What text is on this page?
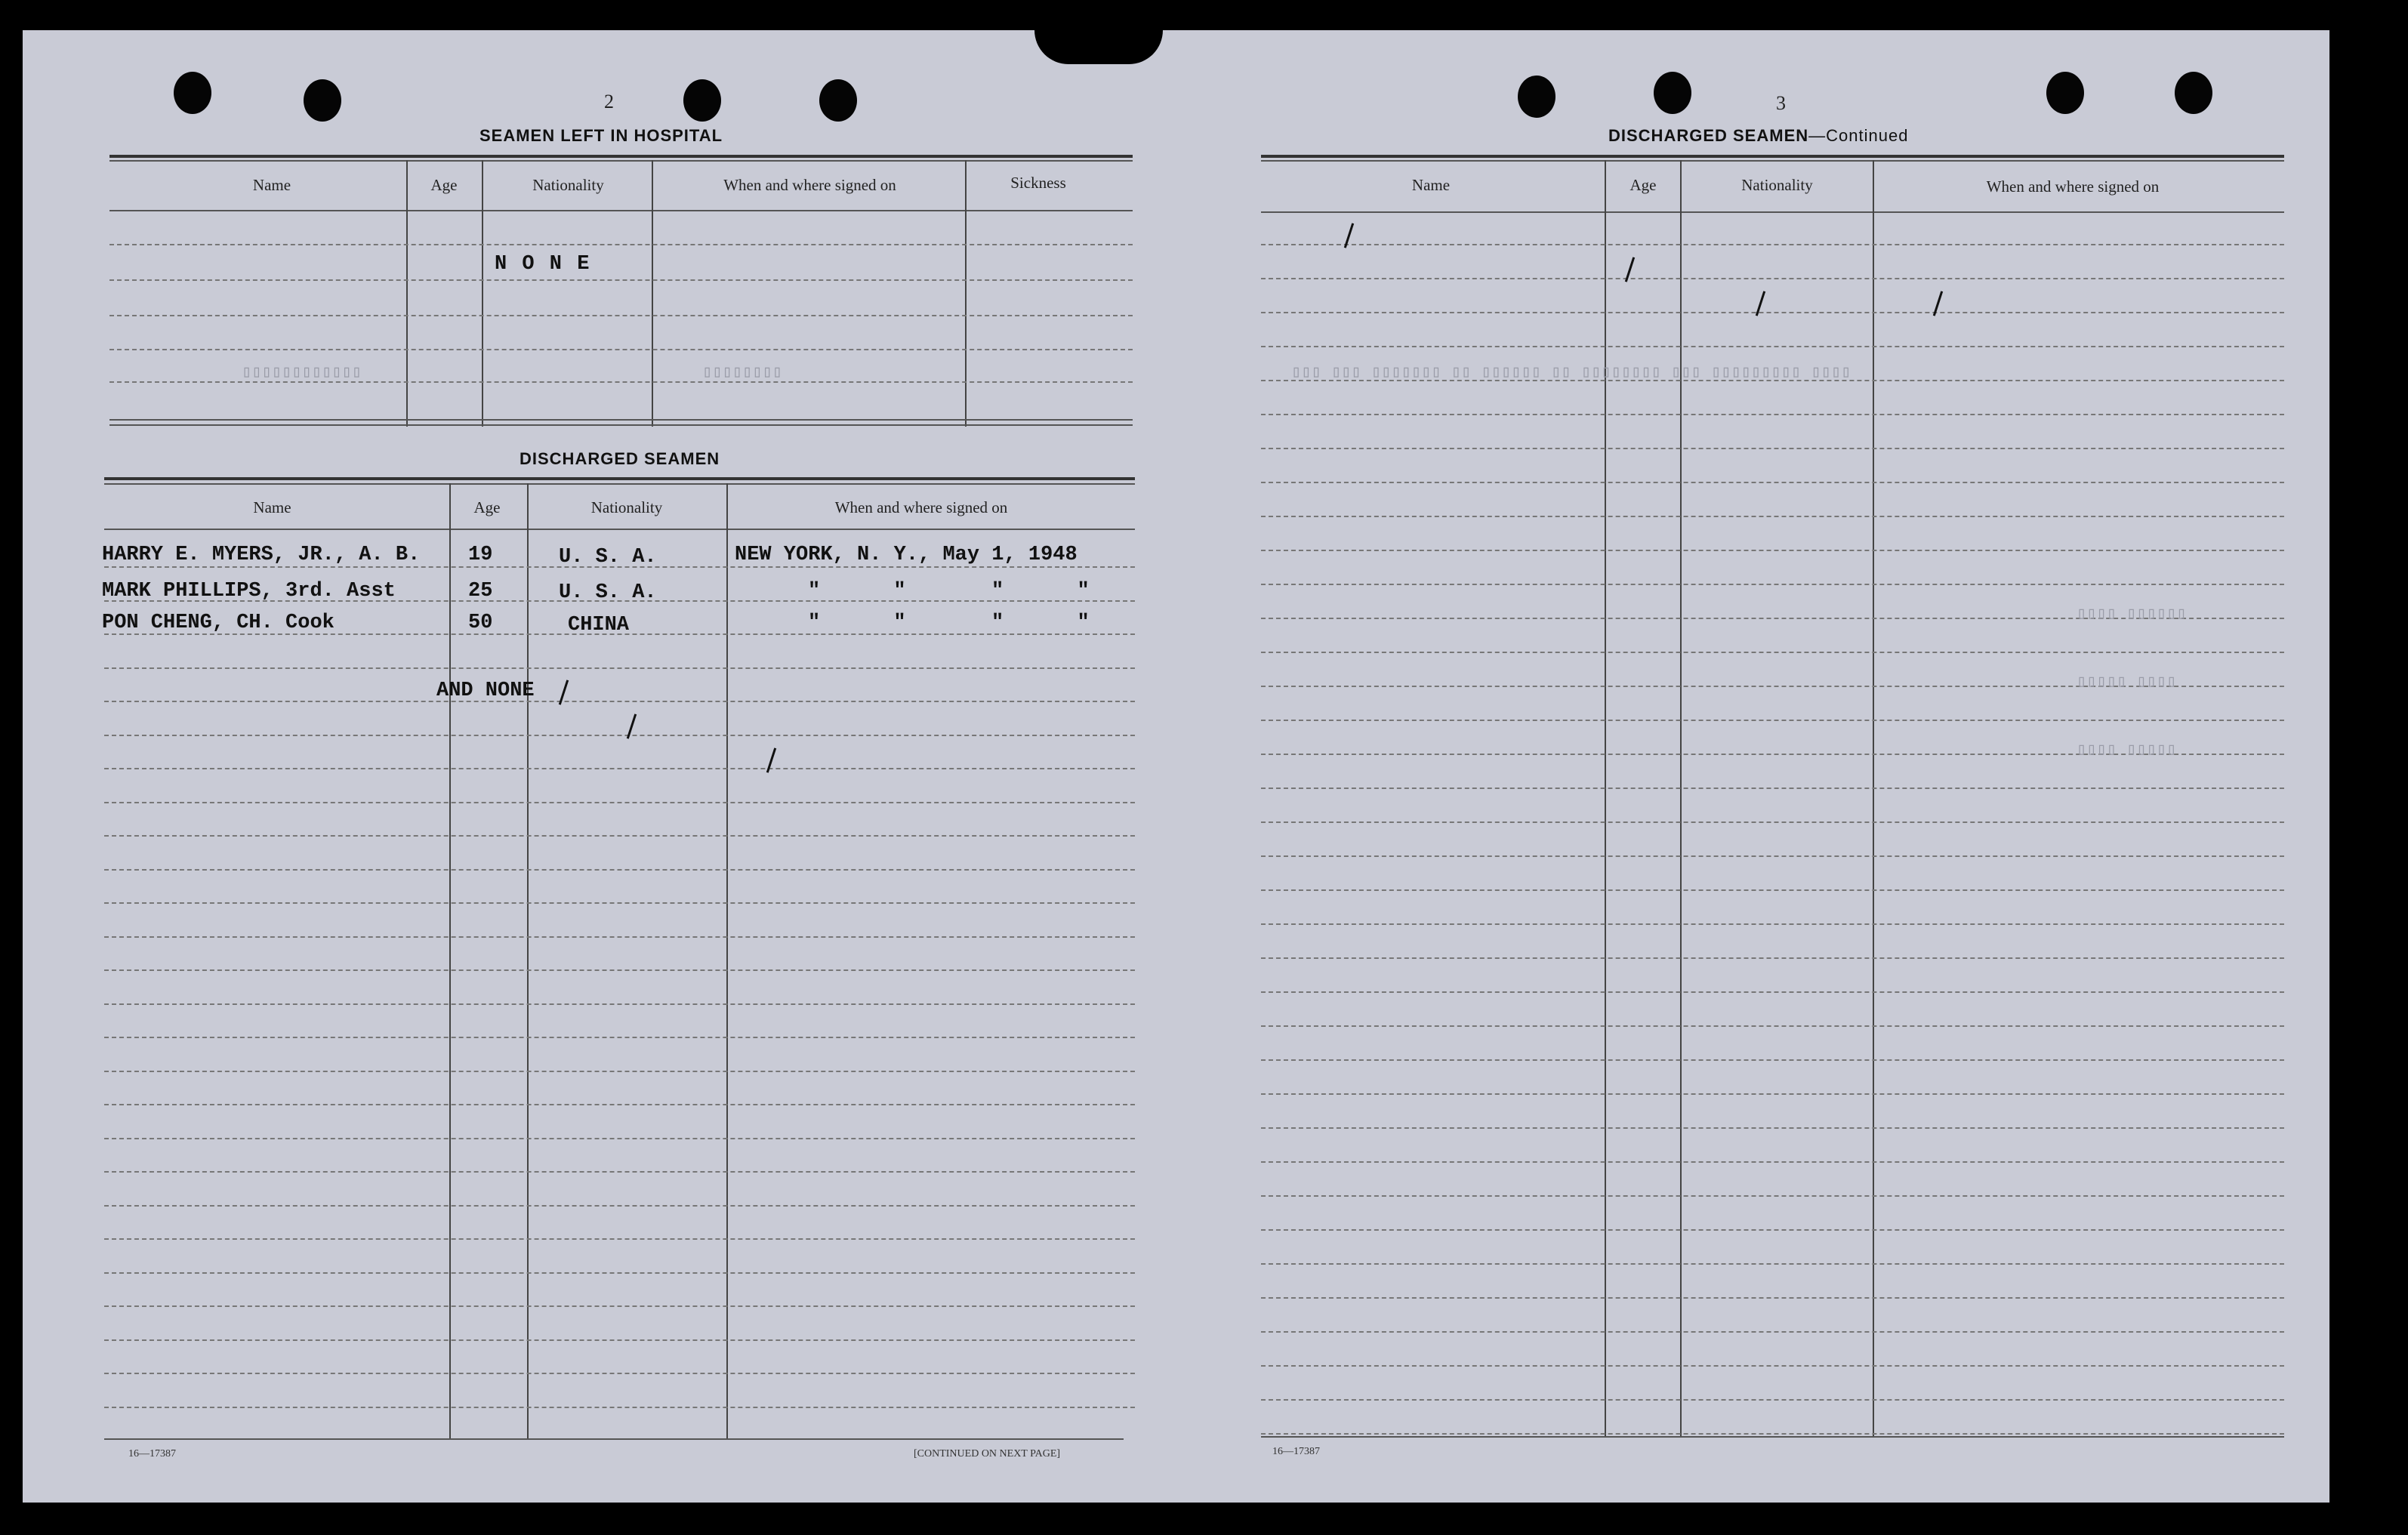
2
SEAMEN LEFT IN HOSPITAL
Name	Age	Nationality	When and where signed on	Sickness
N O N E
▯▯▯▯▯▯▯▯▯▯▯▯	▯▯▯▯▯▯▯▯
DISCHARGED SEAMEN
Name	Age	Nationality	When and where signed on
HARRY E. MYERS, JR., A. B. 19	U. S. A.	NEW YORK, N. Y., May 1, 1948
MARK PHILLIPS, 3rd. Asst	25	U. S. A.	"      "       "      "
PON CHENG, CH. Cook	50	CHINA	"      "       "      "
AND NONE
16—17387	[CONTINUED ON NEXT PAGE]
3
DISCHARGED SEAMEN—Continued
Name	Age	Nationality	When and where signed on
▯▯▯ ▯▯▯ ▯▯▯▯▯▯▯ ▯▯ ▯▯▯▯▯▯ ▯▯ ▯▯▯▯▯▯▯▯ ▯▯▯ ▯▯▯▯▯▯▯▯▯ ▯▯▯▯
▯▯▯▯ ▯▯▯▯▯▯
▯▯▯▯▯ ▯▯▯▯
▯▯▯▯ ▯▯▯▯▯
16—17387
